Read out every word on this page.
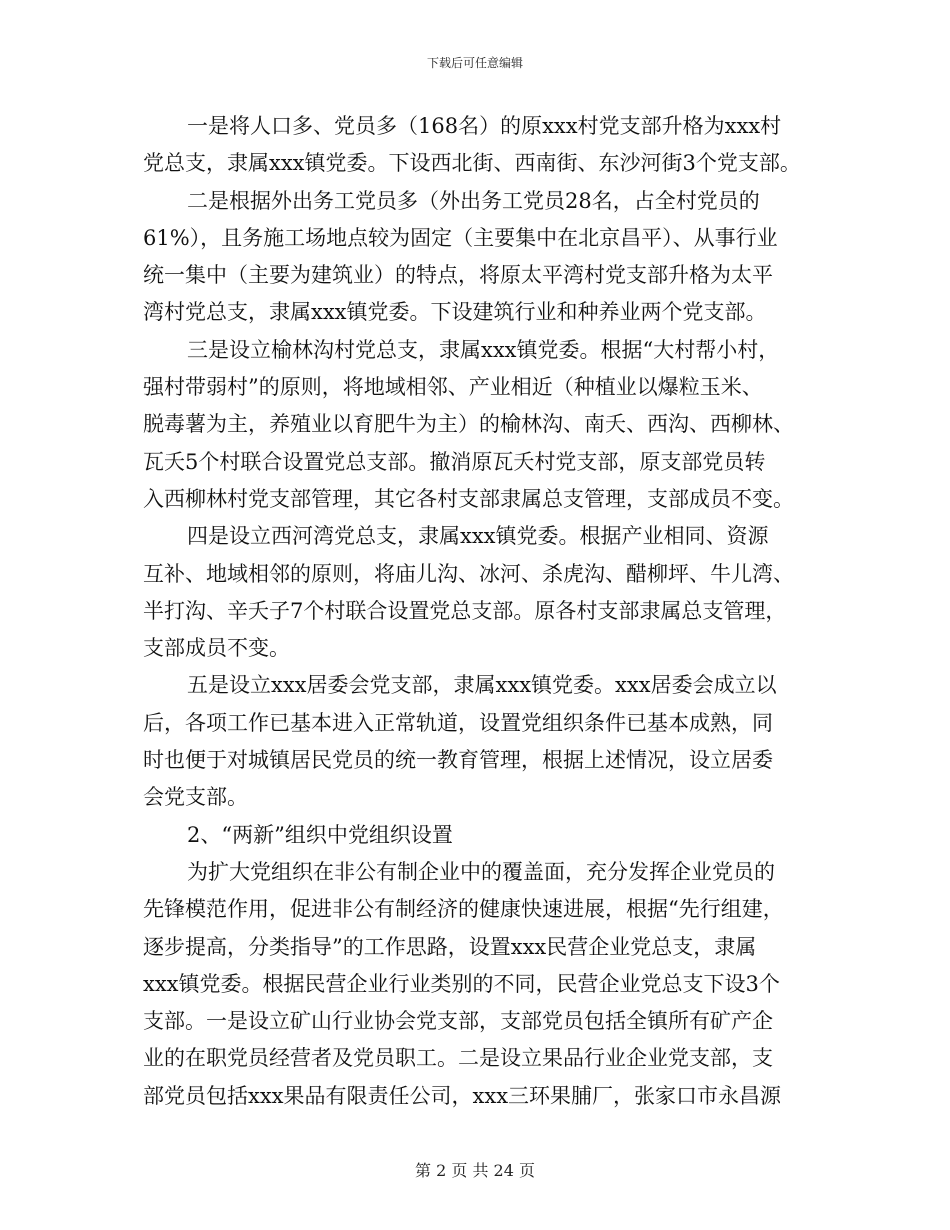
下载后可任意编辑
一是将人口多、党员多（168名）的原xxx村党支部升格为xxx村
党总支，隶属xxx镇党委。下设西北街、西南街、东沙河街3个党支部。
二是根据外出务工党员多（外出务工党员28名，占全村党员的
61%），且务施工场地点较为固定（主要集中在北京昌平）、从事行业
统一集中（主要为建筑业）的特点，将原太平湾村党支部升格为太平
湾村党总支，隶属xxx镇党委。下设建筑行业和种养业两个党支部。
三是设立榆林沟村党总支，隶属xxx镇党委。根据“大村帮小村，
强村带弱村”的原则，将地域相邻、产业相近（种植业以爆粒玉米、
脱毒薯为主，养殖业以育肥牛为主）的榆林沟、南夭、西沟、西柳林、
瓦夭5个村联合设置党总支部。撤消原瓦夭村党支部，原支部党员转
入西柳林村党支部管理，其它各村支部隶属总支管理，支部成员不变。
四是设立西河湾党总支，隶属xxx镇党委。根据产业相同、资源
互补、地域相邻的原则，将庙儿沟、冰河、杀虎沟、醋柳坪、牛儿湾、
半打沟、辛夭子7个村联合设置党总支部。原各村支部隶属总支管理，
支部成员不变。
五是设立xxx居委会党支部，隶属xxx镇党委。xxx居委会成立以
后，各项工作已基本进入正常轨道，设置党组织条件已基本成熟，同
时也便于对城镇居民党员的统一教育管理，根据上述情况，设立居委
会党支部。
2、“两新”组织中党组织设置
为扩大党组织在非公有制企业中的覆盖面，充分发挥企业党员的
先锋模范作用，促进非公有制经济的健康快速进展，根据“先行组建，
逐步提高，分类指导”的工作思路，设置xxx民营企业党总支，隶属
xxx镇党委。根据民营企业行业类别的不同，民营企业党总支下设3个
支部。一是设立矿山行业协会党支部，支部党员包括全镇所有矿产企
业的在职党员经营者及党员职工。二是设立果品行业企业党支部，支
部党员包括xxx果品有限责任公司，xxx三环果脯厂，张家口市永昌源
第 2 页 共 24 页
